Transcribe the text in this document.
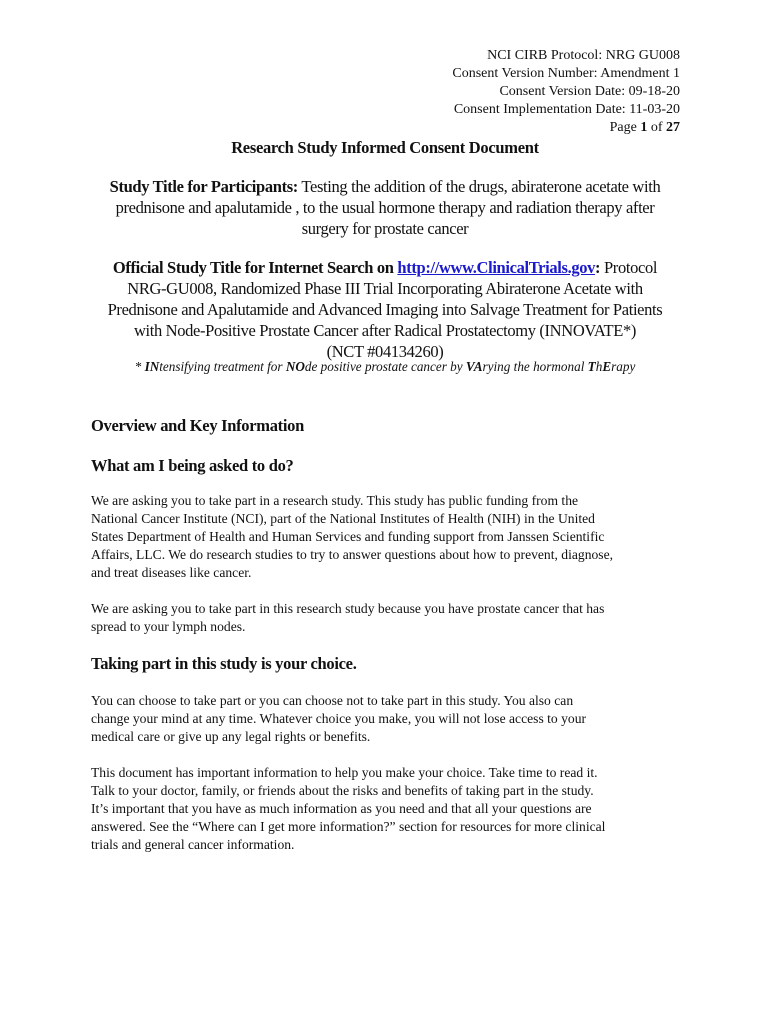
NCI CIRB Protocol: NRG GU008
Consent Version Number: Amendment 1
Consent Version Date: 09-18-20
Consent Implementation Date: 11-03-20
Page 1 of 27
Research Study Informed Consent Document
Study Title for Participants: Testing the addition of the drugs, abiraterone acetate with
prednisone and apalutamide , to the usual hormone therapy and radiation therapy after
surgery for prostate cancer
Official Study Title for Internet Search on http://www.ClinicalTrials.gov: Protocol
NRG-GU008, Randomized Phase III Trial Incorporating Abiraterone Acetate with
Prednisone and Apalutamide and Advanced Imaging into Salvage Treatment for Patients
with Node-Positive Prostate Cancer after Radical Prostatectomy (INNOVATE*)
(NCT #04134260)
* INtensifying treatment for NOde positive prostate cancer by VArying the hormonal ThErapy
Overview and Key Information
What am I being asked to do?
We are asking you to take part in a research study. This study has public funding from the
National Cancer Institute (NCI), part of the National Institutes of Health (NIH) in the United
States Department of Health and Human Services and funding support from Janssen Scientific
Affairs, LLC. We do research studies to try to answer questions about how to prevent, diagnose,
and treat diseases like cancer.
We are asking you to take part in this research study because you have prostate cancer that has
spread to your lymph nodes.
Taking part in this study is your choice.
You can choose to take part or you can choose not to take part in this study. You also can
change your mind at any time. Whatever choice you make, you will not lose access to your
medical care or give up any legal rights or benefits.
This document has important information to help you make your choice. Take time to read it.
Talk to your doctor, family, or friends about the risks and benefits of taking part in the study.
It’s important that you have as much information as you need and that all your questions are
answered. See the “Where can I get more information?” section for resources for more clinical
trials and general cancer information.
